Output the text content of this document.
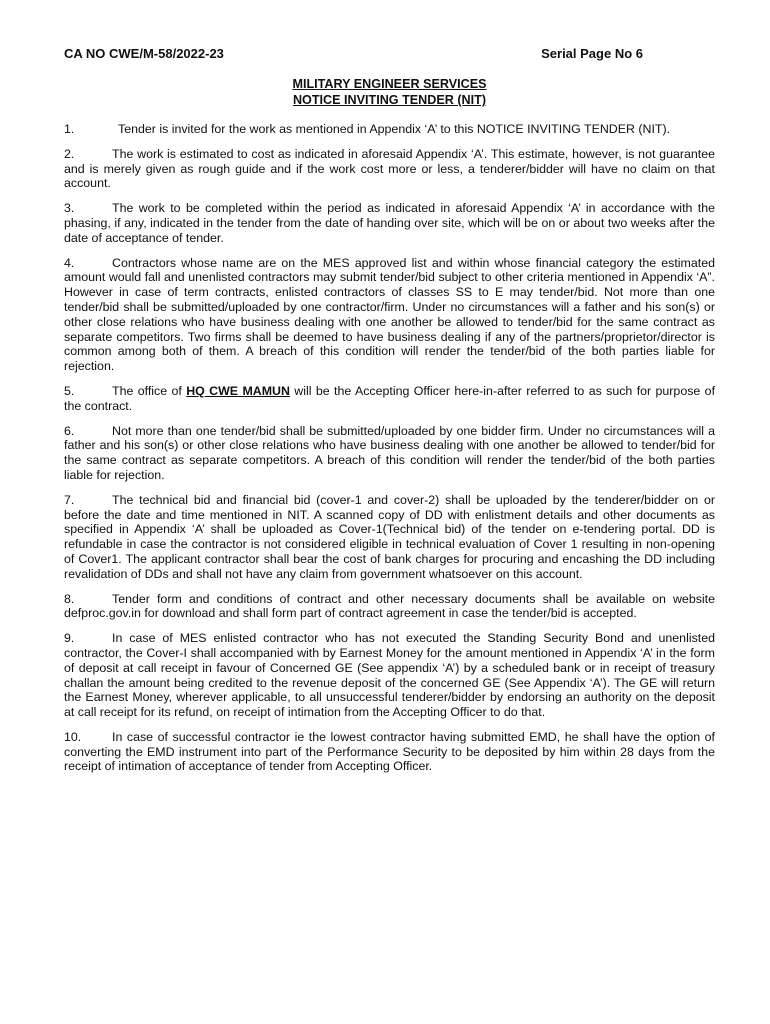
CA NO CWE/M-58/2022-23	Serial Page No 6
MILITARY ENGINEER SERVICES
NOTICE INVITING TENDER (NIT)

1.	Tender is invited for the work as mentioned in Appendix ‘A’ to this NOTICE INVITING TENDER (NIT).

2.	The work is estimated to cost as indicated in aforesaid Appendix ‘A’. This estimate, however, is not guarantee and is merely given as rough guide and if the work cost more or less, a tenderer/bidder will have no claim on that account.

3.	The work to be completed within the period as indicated in aforesaid Appendix ‘A’ in accordance with the phasing, if any, indicated in the tender from the date of handing over site, which will be on or about two weeks after the date of acceptance of tender.

4.	Contractors whose name are on the MES approved list and within whose financial category the estimated amount would fall and unenlisted contractors may submit tender/bid subject to other criteria mentioned in Appendix ‘A”. However in case of term contracts, enlisted contractors of classes SS to E may tender/bid. Not more than one tender/bid shall be submitted/uploaded by one contractor/firm. Under no circumstances will a father and his son(s) or other close relations who have business dealing with one another be allowed to tender/bid for the same contract as separate competitors. Two firms shall be deemed to have business dealing if any of the partners/proprietor/director is common among both of them. A breach of this condition will render the tender/bid of the both parties liable for rejection.

5.	The office of HQ CWE MAMUN will be the Accepting Officer here-in-after referred to as such for purpose of the contract.

6.	Not more than one tender/bid shall be submitted/uploaded by one bidder firm. Under no circumstances will a father and his son(s) or other close relations who have business dealing with one another be allowed to tender/bid for the same contract as separate competitors. A breach of this condition will render the tender/bid of the both parties liable for rejection.

7.	The technical bid and financial bid (cover-1 and cover-2) shall be uploaded by the tenderer/bidder on or before the date and time mentioned in NIT. A scanned copy of DD with enlistment details and other documents as specified in Appendix ‘A’ shall be uploaded as Cover-1(Technical bid) of the tender on e-tendering portal. DD is refundable in case the contractor is not considered eligible in technical evaluation of Cover 1 resulting in non-opening of Cover1. The applicant contractor shall bear the cost of bank charges for procuring and encashing the DD including revalidation of DDs and shall not have any claim from government whatsoever on this account.

8.	Tender form and conditions of contract and other necessary documents shall be available on website defproc.gov.in for download and shall form part of contract agreement in case the tender/bid is accepted.

9.	In case of MES enlisted contractor who has not executed the Standing Security Bond and unenlisted contractor, the Cover-I shall accompanied with by Earnest Money for the amount mentioned in Appendix ‘A’ in the form of deposit at call receipt in favour of Concerned GE (See appendix ‘A’) by a scheduled bank or in receipt of treasury challan the amount being credited to the revenue deposit of the concerned GE (See Appendix ‘A’). The GE will return the Earnest Money, wherever applicable, to all unsuccessful tenderer/bidder by endorsing an authority on the deposit at call receipt for its refund, on receipt of intimation from the Accepting Officer to do that.

10. In case of successful contractor ie the lowest contractor having submitted EMD, he shall have the option of converting the EMD instrument into part of the Performance Security to be deposited by him within 28 days from the receipt of intimation of acceptance of tender from Accepting Officer.
